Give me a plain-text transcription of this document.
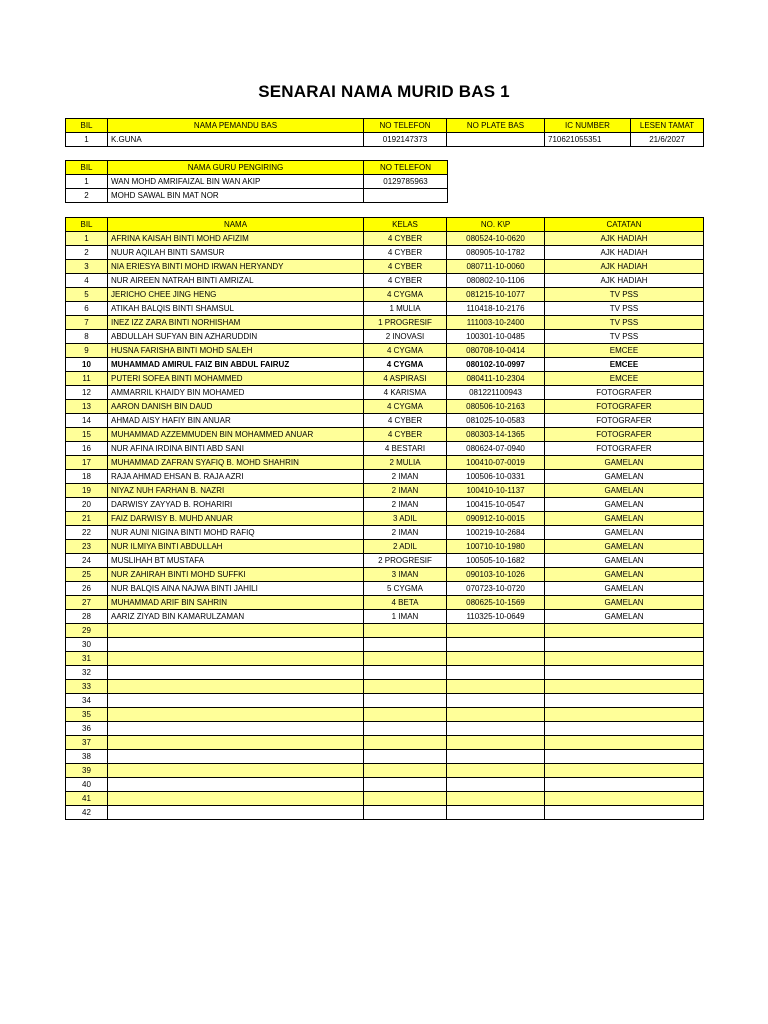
SENARAI NAMA MURID BAS 1
BIL	NAMA PEMANDU BAS	NO TELEFON	NO PLATE BAS	IC NUMBER	LESEN TAMAT
1	K.GUNA	0192147373		710621055351	21/6/2027
BIL	NAMA GURU PENGIRING	NO TELEFON
1	WAN MOHD AMRIFAIZAL BIN WAN AKIP	0129785963
2	MOHD SAWAL BIN MAT NOR	
BIL	NAMA	KELAS	NO. K\P	CATATAN
1	AFRINA KAISAH BINTI MOHD AFIZIM	4 CYBER	080524-10-0620	AJK HADIAH
2	NUUR AQILAH BINTI SAMSUR	4 CYBER	080905-10-1782	AJK HADIAH
3	NIA ERIESYA BINTI MOHD IRWAN HERYANDY	4 CYBER	080711-10-0060	AJK HADIAH
4	NUR AIREEN NATRAH BINTI AMRIZAL	4 CYBER	080802-10-1106	AJK HADIAH
5	JERICHO CHEE JING HENG	4 CYGMA	081215-10-1077	TV PSS
6	ATIKAH BALQIS BINTI SHAMSUL	1 MULIA	110418-10-2176	TV PSS
7	INEZ IZZ ZARA BINTI NORHISHAM	1 PROGRESIF	111003-10-2400	TV PSS
8	ABDULLAH SUFYAN BIN AZHARUDDIN	2 INOVASI	100301-10-0485	TV PSS
9	HUSNA FARISHA BINTI MOHD SALEH	4 CYGMA	080708-10-0414	EMCEE
10	MUHAMMAD AMIRUL FAIZ BIN ABDUL FAIRUZ	4 CYGMA	080102-10-0997	EMCEE
11	PUTERI SOFEA BINTI MOHAMMED	4 ASPIRASI	080411-10-2304	EMCEE
12	AMMARRIL KHAIDY BIN MOHAMED	4 KARISMA	081221100943	FOTOGRAFER
13	AARON DANISH BIN DAUD	4 CYGMA	080506-10-2163	FOTOGRAFER
14	AHMAD AISY HAFIY BIN ANUAR	4 CYBER	081025-10-0583	FOTOGRAFER
15	MUHAMMAD AZZEMMUDEN BIN MOHAMMED ANUAR	4 CYBER	080303-14-1365	FOTOGRAFER
16	NUR AFINA IRDINA BINTI ABD SANI	4 BESTARI	080624-07-0940	FOTOGRAFER
17	MUHAMMAD ZAFRAN SYAFIQ B. MOHD SHAHRIN	2 MULIA	100410-07-0019	GAMELAN
18	RAJA AHMAD EHSAN B. RAJA AZRI	2 IMAN	100506-10-0331	GAMELAN
19	NIYAZ NUH FARHAN B. NAZRI	2 IMAN	100410-10-1137	GAMELAN
20	DARWISY ZAYYAD B. ROHARIRI	2 IMAN	100415-10-0547	GAMELAN
21	FAIZ DARWISY B. MUHD ANUAR	3 ADIL	090912-10-0015	GAMELAN
22	NUR AUNI NIGINA BINTI MOHD RAFIQ	2 IMAN	100219-10-2684	GAMELAN
23	NUR ILMIYA BINTI ABDULLAH	2 ADIL	100710-10-1980	GAMELAN
24	MUSLIHAH BT MUSTAFA	2 PROGRESIF	100505-10-1682	GAMELAN
25	NUR ZAHIRAH BINTI MOHD SUFFKI	3 IMAN	090103-10-1026	GAMELAN
26	NUR BALQIS AINA NAJWA BINTI JAHILI	5 CYGMA	070723-10-0720	GAMELAN
27	MUHAMMAD ARIF BIN SAHRIN	4 BETA	080625-10-1569	GAMELAN
28	AARIZ ZIYAD BIN KAMARULZAMAN	1 IMAN	110325-10-0649	GAMELAN
29				
30				
31				
32				
33				
34				
35				
36				
37				
38				
39				
40				
41				
42				
